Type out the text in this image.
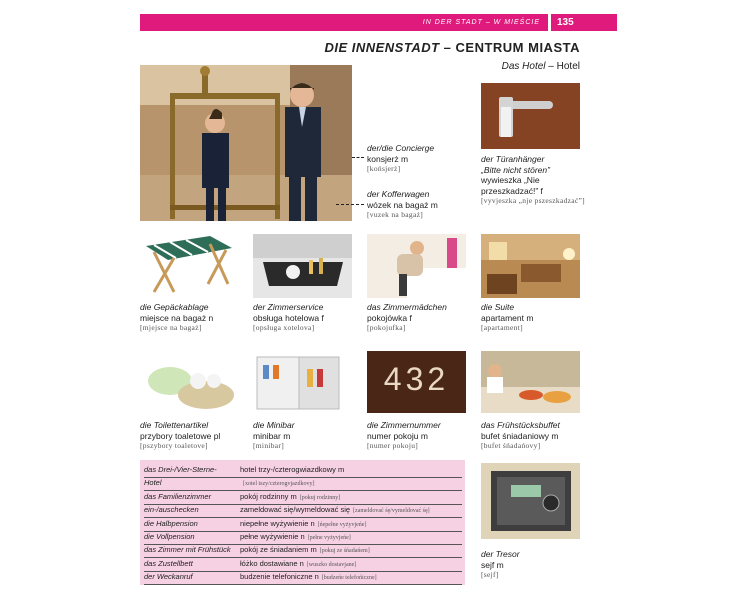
IN DER STADT – W MIEŚCIE	135
DIE INNENSTADT – CENTRUM MIASTA
Das Hotel – Hotel
der/die Concierge
konsjerż m
[końsjerż]
der Kofferwagen
wózek na bagaż m
[vuzek na bagaż]
der Türanhänger
„Bitte nicht stören”
wywieszka „Nie
przeszkadzać!” f
[vyvjeszka „nje pszeszkadzać”]
die Gepäckablage
miejsce na bagaż n
[mjejsce na bagaż]
der Zimmerservice
obsługa hotelowa f
[opsługa xotelova]
das Zimmermädchen
pokojówka f
[pokojufka]
die Suite
apartament m
[apartament]
432
die Toilettenartikel
przybory toaletowe pl
[pszybory toaletove]
die Minibar
minibar m
[minibar]
die Zimmernummer
numer pokoju m
[numer pokoju]
das Frühstücksbuffet
bufet śniadaniowy m
[bufet śńadańovy]
das Drei-/Vier-Sterne-	hotel trzy-/czterogwiazdkowy m
Hotel	[xotel tszy/czterogvjazdkovy]
das Familienzimmer	pokój rodzinny m [pokuj rodzinny]
ein-/auschecken	zameldować się/wymeldować się [zameldovać śę/vymeldovać śę]
die Halbpension	niepełne wyżywienie n [ńepełne vyżyvjeńe]
die Vollpension	pełne wyżywienie n [pełne vyżyvjeńe]
das Zimmer mit Frühstück	pokój ze śniadaniem m [pokuj ze śńadańem]
das Zustellbett	łóżko dostawiane n [wuszko dostavjane]
der Weckanruf	budzenie telefoniczne n [budzeńe telefońiczne]
der Tresor
sejf m
[sejf]
